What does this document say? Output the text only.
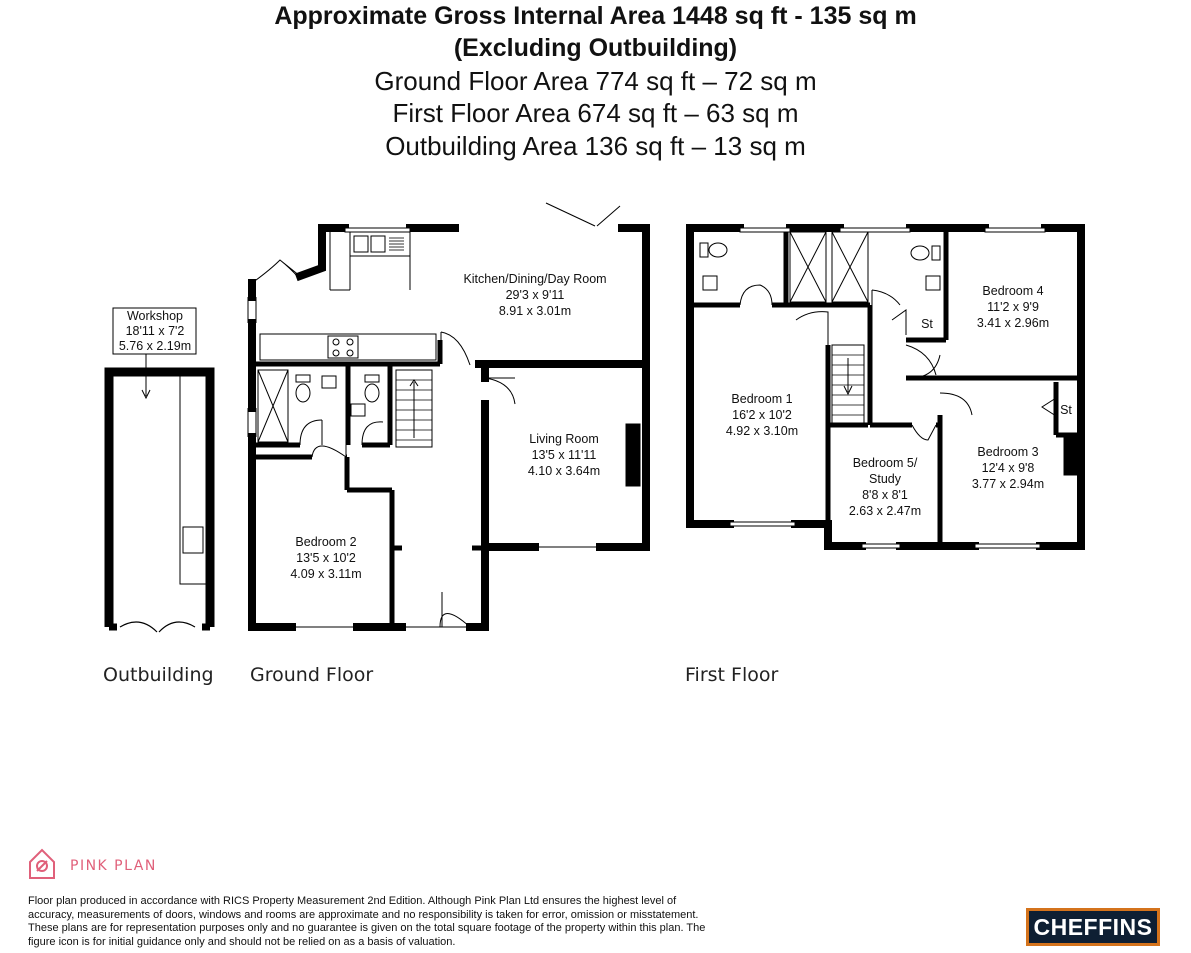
Approximate Gross Internal Area 1448 sq ft - 135 sq m
(Excluding Outbuilding)
Ground Floor Area 774 sq ft – 72 sq m
First Floor Area 674 sq ft – 63 sq m
Outbuilding Area 136 sq ft – 13 sq m
Workshop
18'11 x 7'2
5.76 x 2.19m
Kitchen/Dining/Day Room
29'3 x 9'11
8.91 x 3.01m
Living Room
13'5 x 11'11
4.10 x 3.64m
Bedroom 2
13'5 x 10'2
4.09 x 3.11m
Bedroom 1
16'2 x 10'2
4.92 x 3.10m
Bedroom 4
11'2 x 9'9
3.41 x 2.96m
Bedroom 5/
Study
8'8 x 8'1
2.63 x 2.47m
Bedroom 3
12'4 x 9'8
3.77 x 2.94m
St
St
Outbuilding Ground Floor	First Floor
PINK PLAN
Floor plan produced in accordance with RICS Property Measurement 2nd Edition. Although Pink Plan Ltd ensures the highest level of accuracy, measurements of doors, windows and rooms are approximate and no responsibility is taken for error, omission or misstatement. These plans are for representation purposes only and no guarantee is given on the total square footage of the property within this plan. The figure icon is for initial guidance only and should not be relied on as a basis of valuation.
CHEFFINS
